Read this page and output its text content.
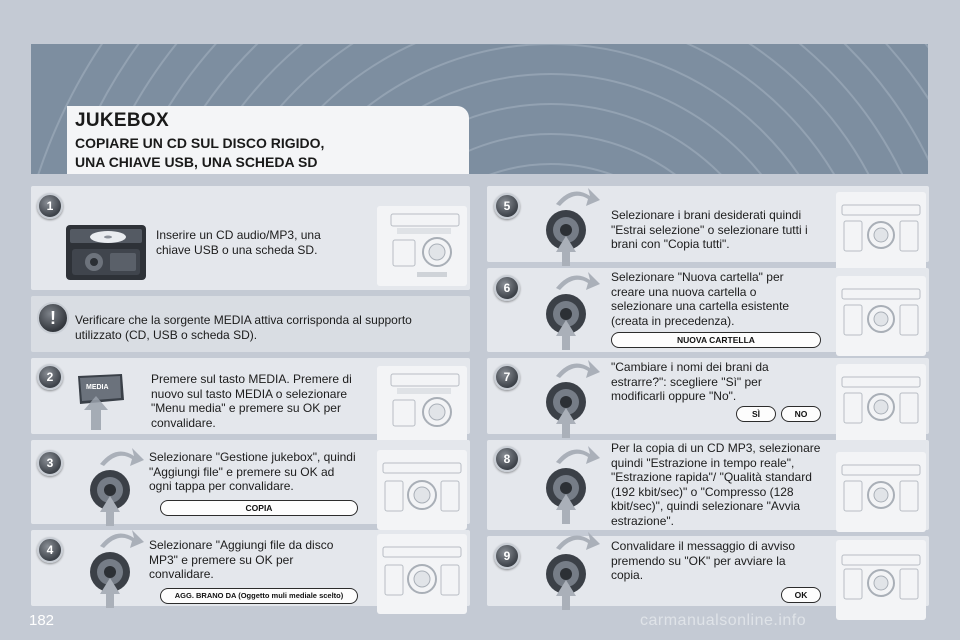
JUKEBOX
COPIARE UN CD SUL DISCO RIGIDO,
UNA CHIAVE USB, UNA SCHEDA SD
1
Inserire un CD audio/MP3, una chiave USB o una scheda SD.
!	Verificare che la sorgente MEDIA attiva corrisponda al supporto utilizzato (CD, USB o scheda SD).
2
MEDIA
Premere sul tasto MEDIA. Premere di nuovo sul tasto MEDIA o selezionare "Menu media" e premere su OK per convalidare.
3	Selezionare "Gestione jukebox", quindi "Aggiungi file" e premere su OK ad ogni tappa per convalidare.
COPIA
4	Selezionare "Aggiungi file da disco MP3" e premere su OK per convalidare.
AGG. BRANO DA (Oggetto muli mediale scelto)
5
Selezionare i brani desiderati quindi "Estrai selezione" o selezionare tutti i brani con "Copia tutti".
6
Selezionare "Nuova cartella" per creare una nuova cartella o selezionare una cartella esistente (creata in precedenza).
NUOVA CARTELLA
7
"Cambiare i nomi dei brani da estrarre?": scegliere "Sì" per modificarli oppure "No".
SÌ	NO
8
Per la copia di un CD MP3, selezionare quindi "Estrazione in tempo reale", "Estrazione rapida"/ "Qualità standard (192 kbit/sec)" o "Compresso (128 kbit/sec)", quindi selezionare "Avvia estrazione".
9
Convalidare il messaggio di avviso premendo su "OK" per avviare la copia.
OK
182	carmanualsonline.info
